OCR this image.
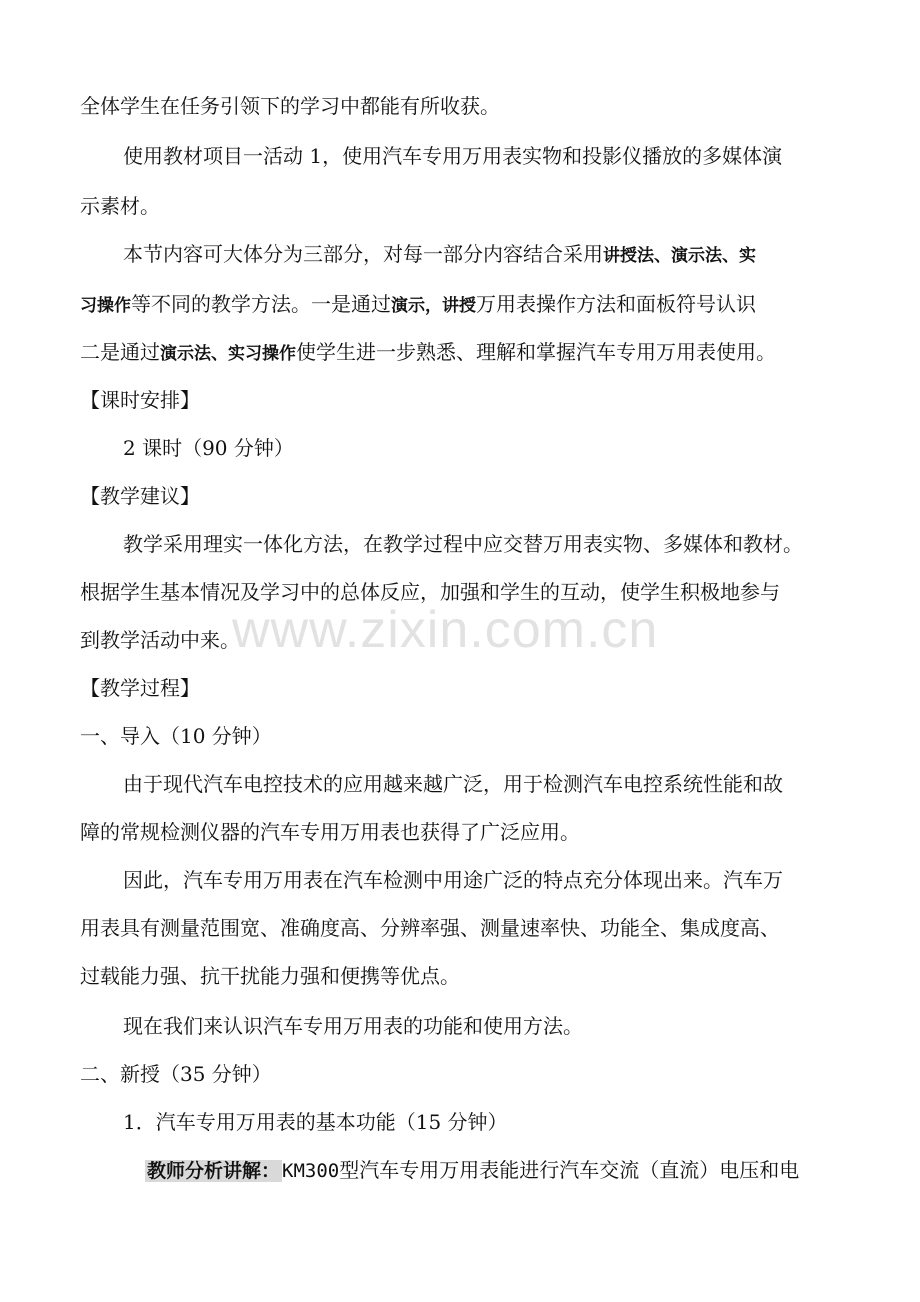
全体学生在任务引领下的学习中都能有所收获。
使用教材项目一活动 1，使用汽车专用万用表实物和投影仪播放的多媒体演
示素材。
本节内容可大体分为三部分，对每一部分内容结合采用讲授法、演示法、实
习操作等不同的教学方法。一是通过演示，讲授万用表操作方法和面板符号认识
二是通过演示法、实习操作使学生进一步熟悉、理解和掌握汽车专用万用表使用。
【课时安排】
2 课时（90 分钟）
【教学建议】
教学采用理实一体化方法，在教学过程中应交替万用表实物、多媒体和教材。
根据学生基本情况及学习中的总体反应，加强和学生的互动，使学生积极地参与
到教学活动中来。
【教学过程】
一、导入（10 分钟）
由于现代汽车电控技术的应用越来越广泛，用于检测汽车电控系统性能和故
障的常规检测仪器的汽车专用万用表也获得了广泛应用。
因此，汽车专用万用表在汽车检测中用途广泛的特点充分体现出来。汽车万
用表具有测量范围宽、准确度高、分辨率强、测量速率快、功能全、集成度高、
过载能力强、抗干扰能力强和便携等优点。
现在我们来认识汽车专用万用表的功能和使用方法。
二、新授（35 分钟）
1．汽车专用万用表的基本功能（15 分钟）
教师分析讲解： KM300型汽车专用万用表能进行汽车交流（直流）电压和电
www.zixin.com.cn
